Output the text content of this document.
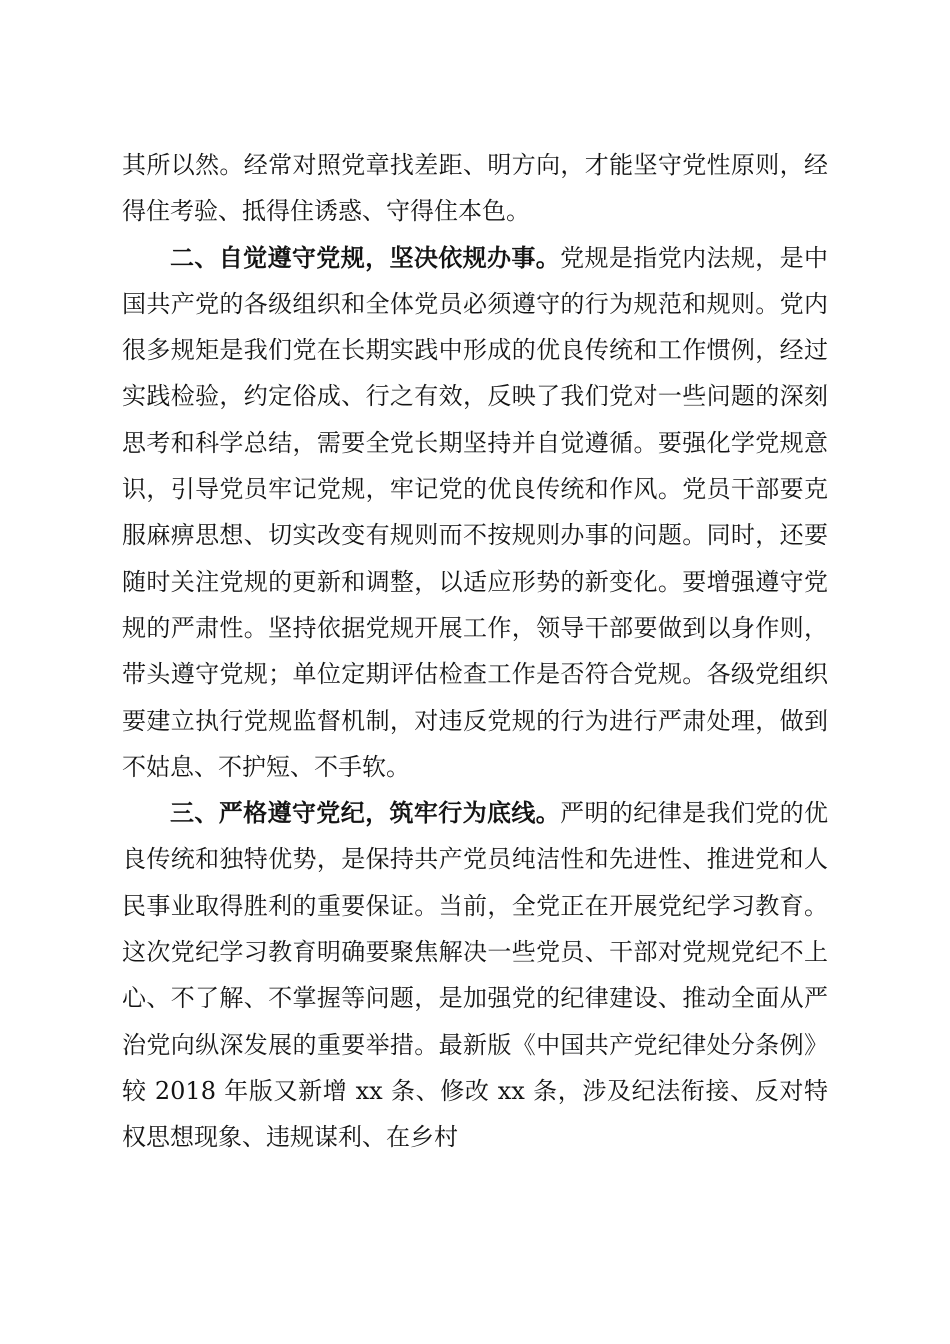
其所以然。经常对照党章找差距、明方向，才能坚守党性原则，经得住考验、抵得住诱惑、守得住本色。

二、自觉遵守党规，坚决依规办事。党规是指党内法规，是中国共产党的各级组织和全体党员必须遵守的行为规范和规则。党内很多规矩是我们党在长期实践中形成的优良传统和工作惯例，经过实践检验，约定俗成、行之有效，反映了我们党对一些问题的深刻思考和科学总结，需要全党长期坚持并自觉遵循。要强化学党规意识，引导党员牢记党规，牢记党的优良传统和作风。党员干部要克服麻痹思想、切实改变有规则而不按规则办事的问题。同时，还要随时关注党规的更新和调整，以适应形势的新变化。要增强遵守党规的严肃性。坚持依据党规开展工作，领导干部要做到以身作则，带头遵守党规；单位定期评估检查工作是否符合党规。各级党组织要建立执行党规监督机制，对违反党规的行为进行严肃处理，做到不姑息、不护短、不手软。

三、严格遵守党纪，筑牢行为底线。严明的纪律是我们党的优良传统和独特优势，是保持共产党员纯洁性和先进性、推进党和人民事业取得胜利的重要保证。当前，全党正在开展党纪学习教育。这次党纪学习教育明确要聚焦解决一些党员、干部对党规党纪不上心、不了解、不掌握等问题，是加强党的纪律建设、推动全面从严治党向纵深发展的重要举措。最新版《中国共产党纪律处分条例》较 2018 年版又新增 xx 条、修改 xx 条，涉及纪法衔接、反对特权思想现象、违规谋利、在乡村
